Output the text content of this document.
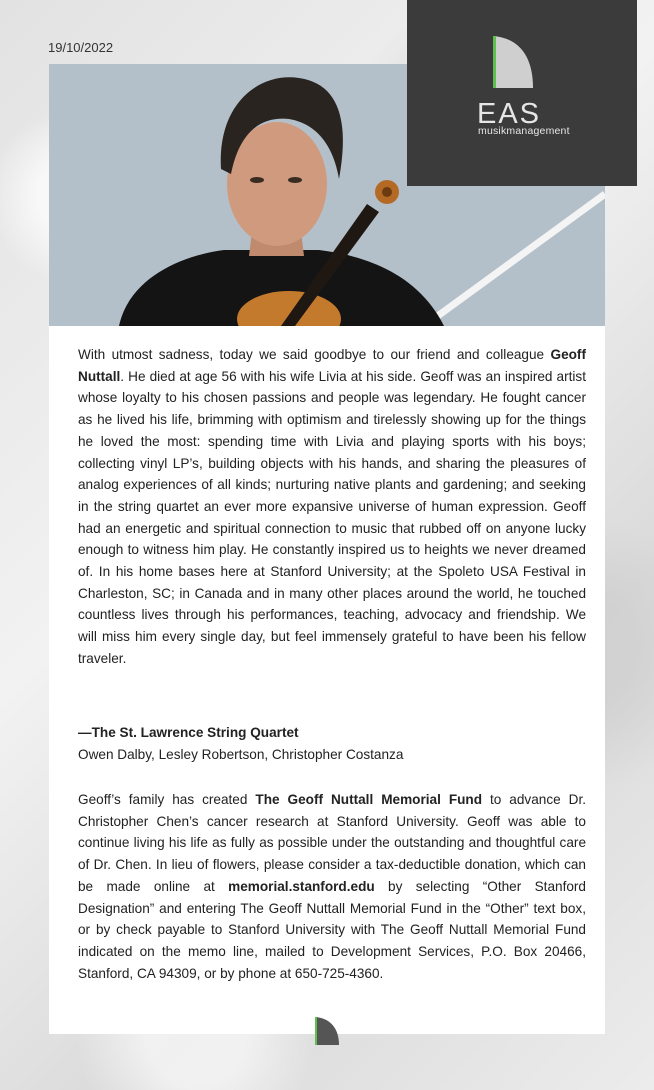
19/10/2022
EAS
musikmanagement
With utmost sadness, today we said goodbye to our friend and colleague Geoff Nuttall. He died at age 56 with his wife Livia at his side. Geoff was an inspired artist whose loyalty to his chosen passions and people was legendary. He fought cancer as he lived his life, brimming with optimism and tirelessly showing up for the things he loved the most: spending time with Livia and playing sports with his boys; collecting vinyl LP’s, building objects with his hands, and sharing the pleasures of analog experiences of all kinds; nurturing native plants and gardening; and seeking in the string quartet an ever more expansive universe of human expression. Geoff had an energetic and spiritual connection to music that rubbed off on anyone lucky enough to witness him play. He constantly inspired us to heights we never dreamed of. In his home bases here at Stanford University; at the Spoleto USA Festival in Charleston, SC; in Canada and in many other places around the world, he touched countless lives through his performances, teaching, advocacy and friendship. We will miss him every single day, but feel immensely grateful to have been his fellow traveler.
—The St. Lawrence String Quartet
Owen Dalby, Lesley Robertson, Christopher Costanza
Geoff’s family has created The Geoff Nuttall Memorial Fund to advance Dr. Christopher Chen’s cancer research at Stanford University. Geoff was able to continue living his life as fully as possible under the outstanding and thoughtful care of Dr. Chen. In lieu of flowers, please consider a tax-deductible donation, which can be made online at memorial.stanford.edu by selecting “Other Stanford Designation” and entering The Geoff Nuttall Memorial Fund in the “Other” text box, or by check payable to Stanford University with The Geoff Nuttall Memorial Fund indicated on the memo line, mailed to Development Services, P.O. Box 20466, Stanford, CA 94309, or by phone at 650-725-4360.
